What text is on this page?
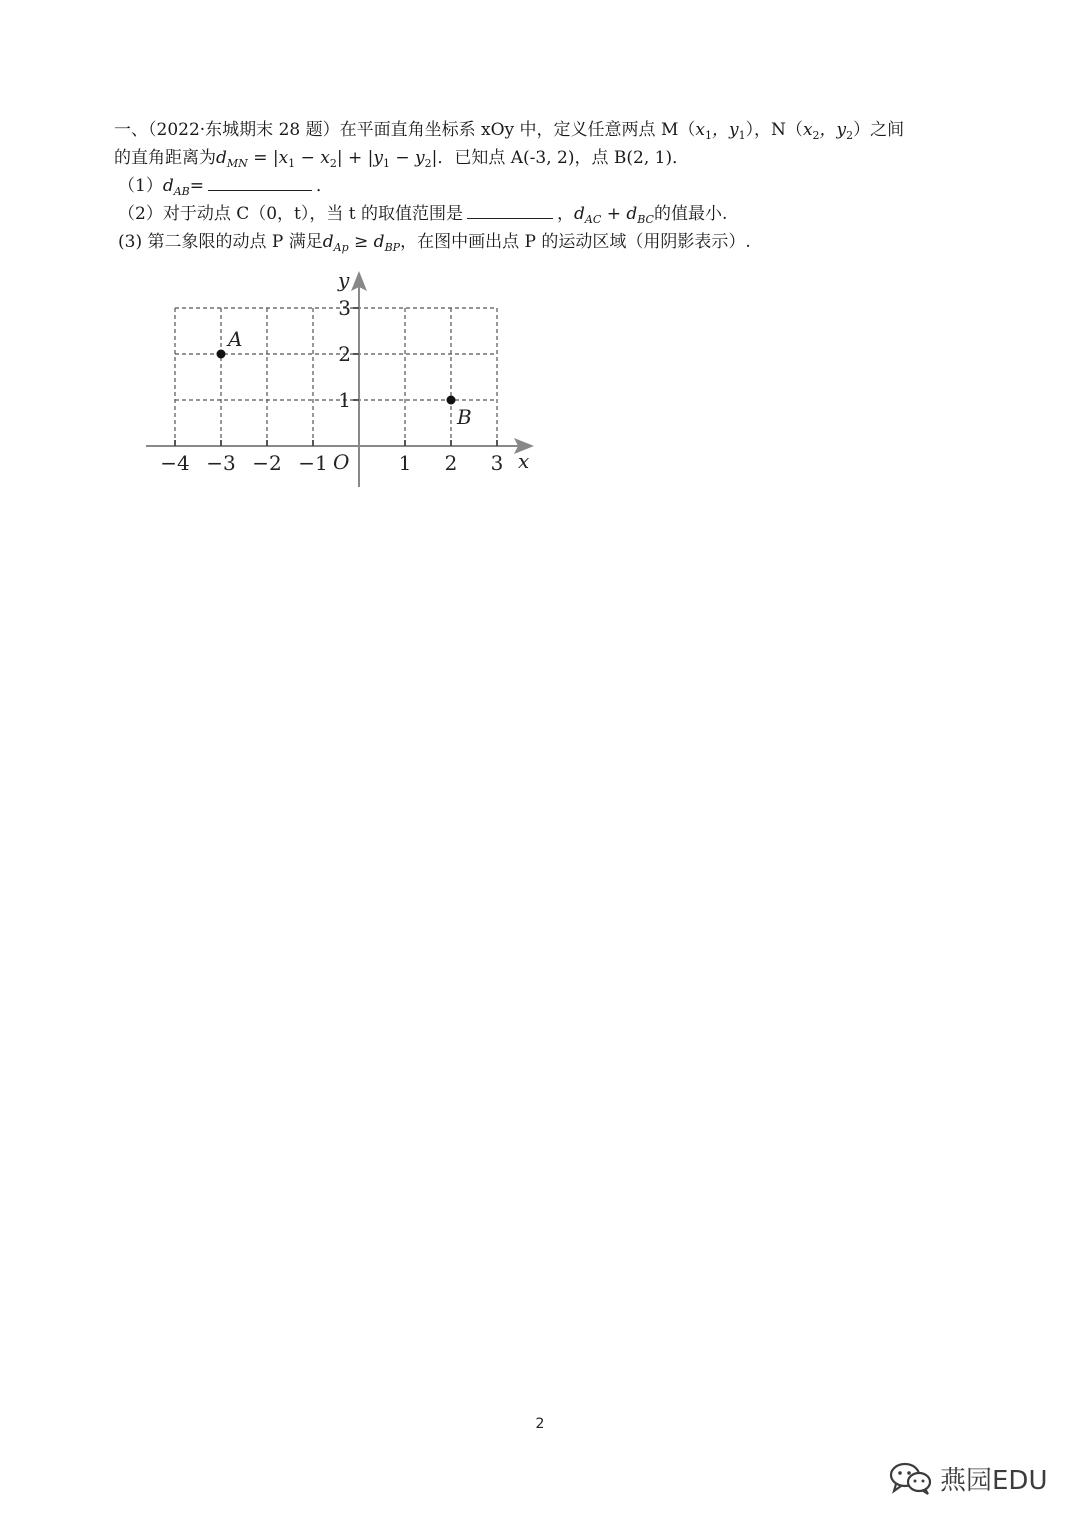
一、（2022·东城期末 28 题）在平面直角坐标系 xOy 中，定义任意两点 M（ $x_1$，$y_1$ ），N（ $x_2$，$y_2$ ）之间
的直角距离为 $d_{MN} = |x_1 - x_2| + |y_1 - y_2|$ ．已知点 A(-3, 2)，点 B(2, 1)．
（1） $d_{AB}=$	．
（2）对于动点 C（0，t），当 t 的取值范围是	， $d_{AC} + d_{BC}$ 的值最小.
(3) 第二象限的动点 P 满足 $d_{Ap} \ge d_{BP}$ ，在图中画出点 P 的运动区域（用阴影表示）.
−4 −3 −2 −1	1 2 3
1
2
3
x
y
O
A
B
2
燕园EDU
